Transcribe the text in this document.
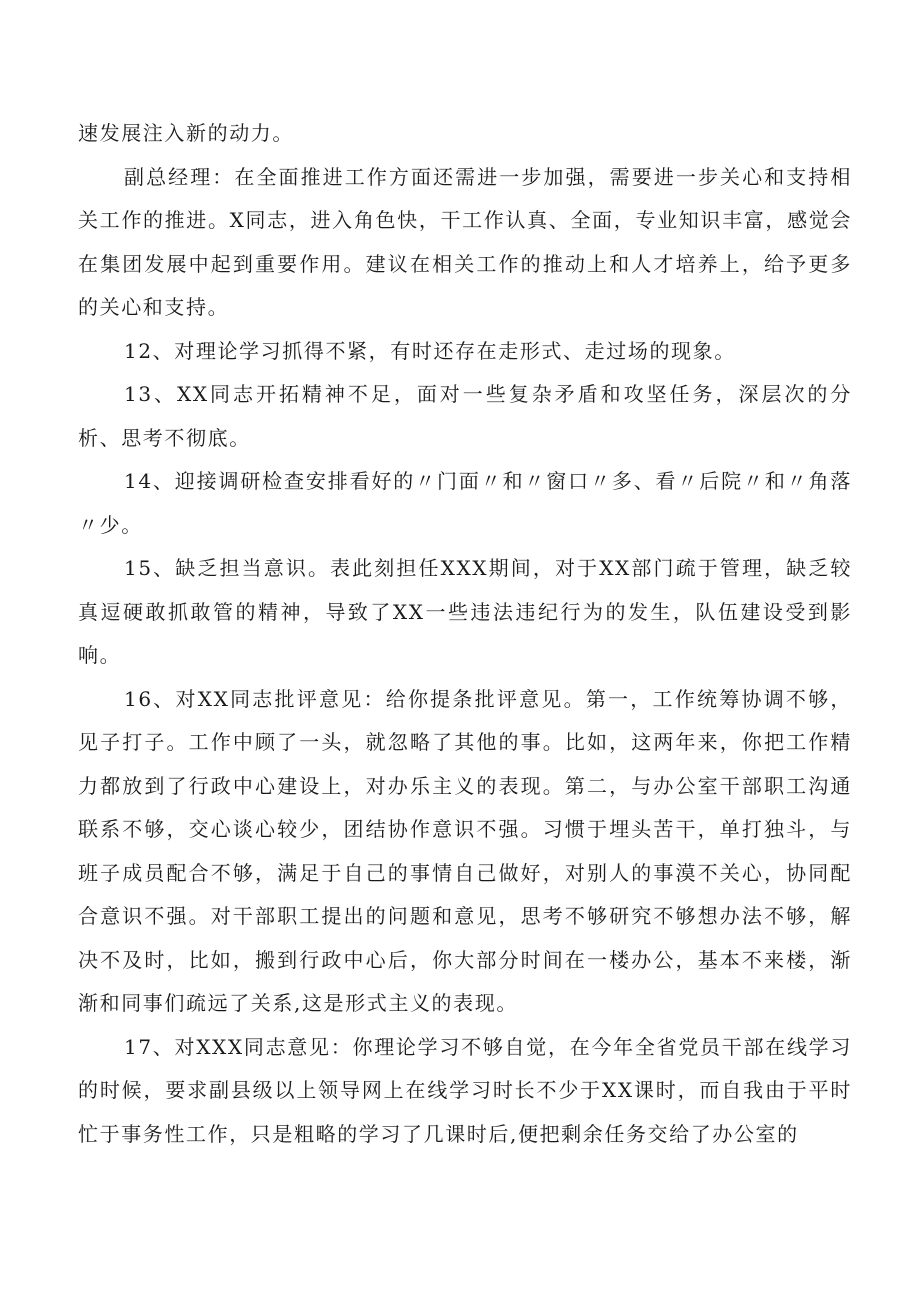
速发展注入新的动力。

副总经理：在全面推进工作方面还需进一步加强，需要进一步关心和支持相关工作的推进。X同志，进入角色快，干工作认真、全面，专业知识丰富，感觉会在集团发展中起到重要作用。建议在相关工作的推动上和人才培养上，给予更多的关心和支持。

12、对理论学习抓得不紧，有时还存在走形式、走过场的现象。

13、XX同志开拓精神不足，面对一些复杂矛盾和攻坚任务，深层次的分析、思考不彻底。

14、迎接调研检查安排看好的〃门面〃和〃窗口〃多、看〃后院〃和〃角落〃少。

15、缺乏担当意识。表此刻担任XXX期间，对于XX部门疏于管理，缺乏较真逗硬敢抓敢管的精神，导致了XX一些违法违纪行为的发生，队伍建设受到影响。

16、对XX同志批评意见：给你提条批评意见。第一，工作统筹协调不够，见子打子。工作中顾了一头，就忽略了其他的事。比如，这两年来，你把工作精力都放到了行政中心建设上，对办乐主义的表现。第二，与办公室干部职工沟通联系不够，交心谈心较少，团结协作意识不强。习惯于埋头苦干，单打独斗，与班子成员配合不够，满足于自己的事情自己做好，对别人的事漠不关心，协同配合意识不强。对干部职工提出的问题和意见，思考不够研究不够想办法不够，解决不及时，比如，搬到行政中心后，你大部分时间在一楼办公，基本不来楼，渐渐和同事们疏远了关系,这是形式主义的表现。

17、对XXX同志意见：你理论学习不够自觉，在今年全省党员干部在线学习的时候，要求副县级以上领导网上在线学习时长不少于XX课时，而自我由于平时忙于事务性工作，只是粗略的学习了几课时后,便把剩余任务交给了办公室的
